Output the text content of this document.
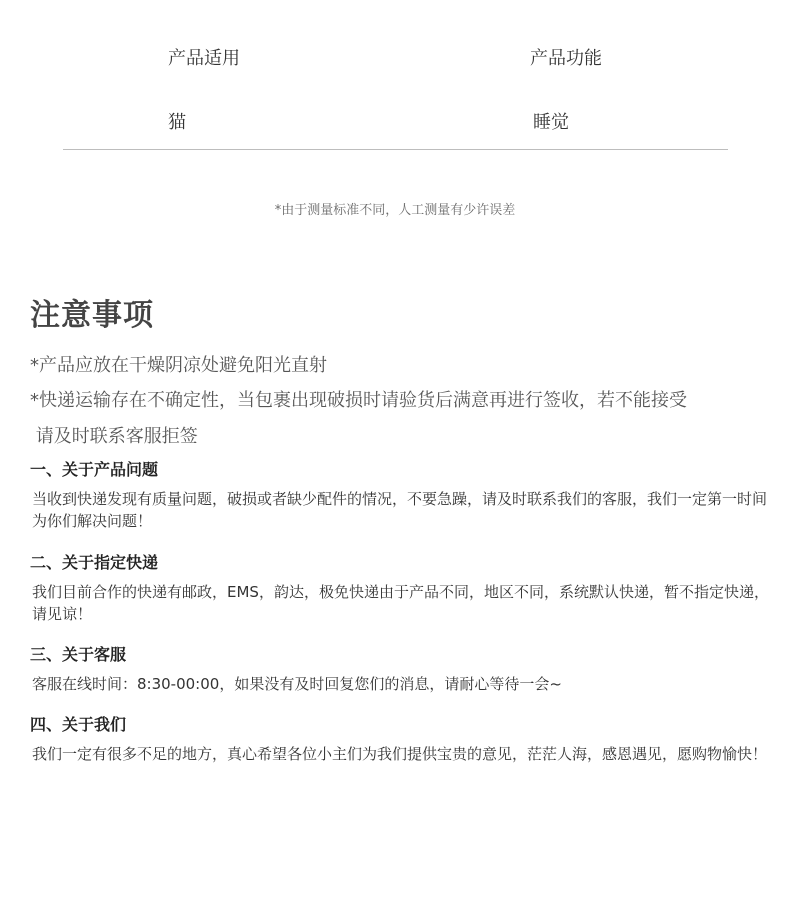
产品适用	产品功能
猫	睡觉
*由于测量标准不同，人工测量有少许误差
注意事项
*产品应放在干燥阴凉处避免阳光直射
*快递运输存在不确定性，当包裹出现破损时请验货后满意再进行签收，若不能接受
请及时联系客服拒签
一、关于产品问题
当收到快递发现有质量问题，破损或者缺少配件的情况，不要急躁，请及时联系我们的客服，我们一定第一时间为你们解决问题！
二、关于指定快递
我们目前合作的快递有邮政，EMS，韵达，极免快递由于产品不同，地区不同，系统默认快递，暂不指定快递，请见谅！
三、关于客服
客服在线时间：8:30-00:00，如果没有及时回复您们的消息，请耐心等待一会~
四、关于我们
我们一定有很多不足的地方，真心希望各位小主们为我们提供宝贵的意见，茫茫人海，感恩遇见，愿购物愉快！
